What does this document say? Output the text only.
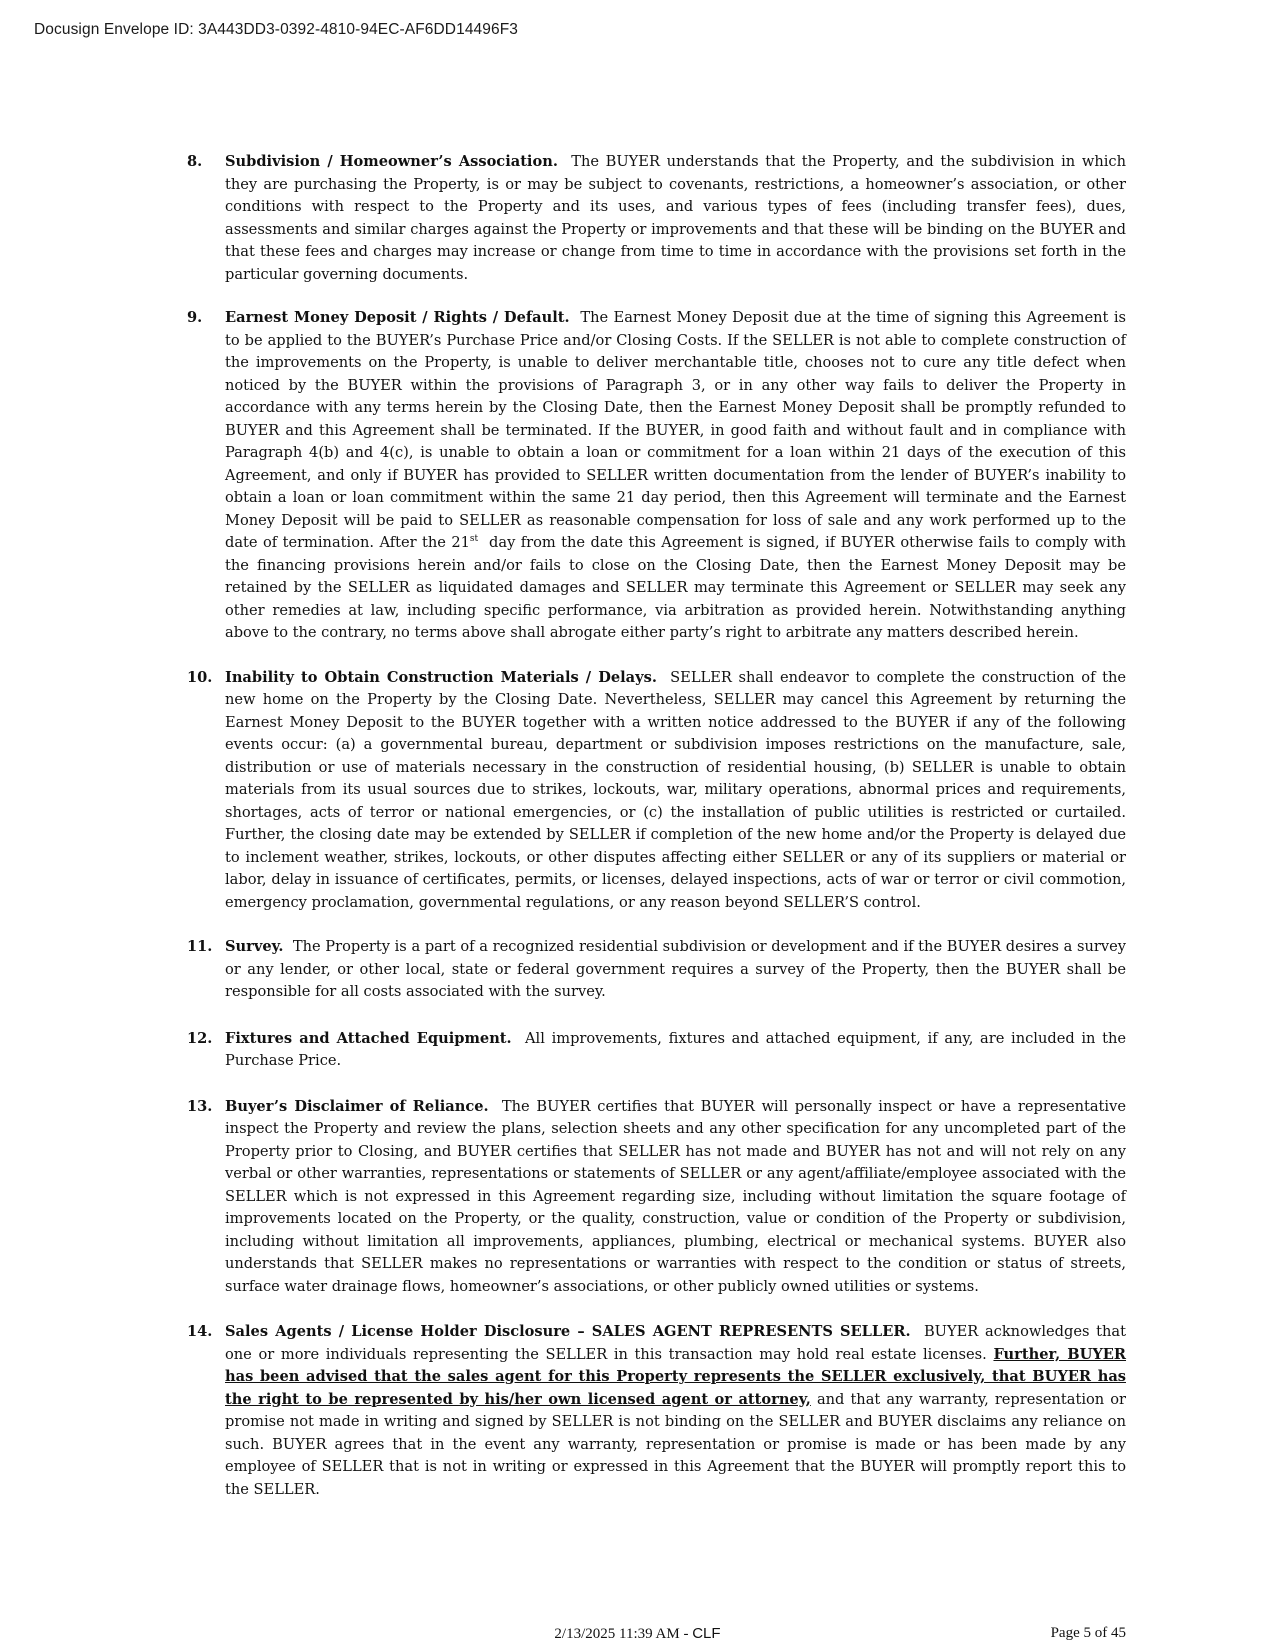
Docusign Envelope ID: 3A443DD3-0392-4810-94EC-AF6DD14496F3
8. Subdivision / Homeowner’s Association. The BUYER understands that the Property, and the subdivision in which they are purchasing the Property, is or may be subject to covenants, restrictions, a homeowner’s association, or other conditions with respect to the Property and its uses, and various types of fees (including transfer fees), dues, assessments and similar charges against the Property or improvements and that these will be binding on the BUYER and that these fees and charges may increase or change from time to time in accordance with the provisions set forth in the particular governing documents.
9. Earnest Money Deposit / Rights / Default. The Earnest Money Deposit due at the time of signing this Agreement is to be applied to the BUYER’s Purchase Price and/or Closing Costs. If the SELLER is not able to complete construction of the improvements on the Property, is unable to deliver merchantable title, chooses not to cure any title defect when noticed by the BUYER within the provisions of Paragraph 3, or in any other way fails to deliver the Property in accordance with any terms herein by the Closing Date, then the Earnest Money Deposit shall be promptly refunded to BUYER and this Agreement shall be terminated. If the BUYER, in good faith and without fault and in compliance with Paragraph 4(b) and 4(c), is unable to obtain a loan or commitment for a loan within 21 days of the execution of this Agreement, and only if BUYER has provided to SELLER written documentation from the lender of BUYER’s inability to obtain a loan or loan commitment within the same 21 day period, then this Agreement will terminate and the Earnest Money Deposit will be paid to SELLER as reasonable compensation for loss of sale and any work performed up to the date of termination. After the 21st day from the date this Agreement is signed, if BUYER otherwise fails to comply with the financing provisions herein and/or fails to close on the Closing Date, then the Earnest Money Deposit may be retained by the SELLER as liquidated damages and SELLER may terminate this Agreement or SELLER may seek any other remedies at law, including specific performance, via arbitration as provided herein. Notwithstanding anything above to the contrary, no terms above shall abrogate either party’s right to arbitrate any matters described herein.
10. Inability to Obtain Construction Materials / Delays. SELLER shall endeavor to complete the construction of the new home on the Property by the Closing Date. Nevertheless, SELLER may cancel this Agreement by returning the Earnest Money Deposit to the BUYER together with a written notice addressed to the BUYER if any of the following events occur: (a) a governmental bureau, department or subdivision imposes restrictions on the manufacture, sale, distribution or use of materials necessary in the construction of residential housing, (b) SELLER is unable to obtain materials from its usual sources due to strikes, lockouts, war, military operations, abnormal prices and requirements, shortages, acts of terror or national emergencies, or (c) the installation of public utilities is restricted or curtailed. Further, the closing date may be extended by SELLER if completion of the new home and/or the Property is delayed due to inclement weather, strikes, lockouts, or other disputes affecting either SELLER or any of its suppliers or material or labor, delay in issuance of certificates, permits, or licenses, delayed inspections, acts of war or terror or civil commotion, emergency proclamation, governmental regulations, or any reason beyond SELLER’S control.
11. Survey. The Property is a part of a recognized residential subdivision or development and if the BUYER desires a survey or any lender, or other local, state or federal government requires a survey of the Property, then the BUYER shall be responsible for all costs associated with the survey.
12. Fixtures and Attached Equipment. All improvements, fixtures and attached equipment, if any, are included in the Purchase Price.
13. Buyer’s Disclaimer of Reliance. The BUYER certifies that BUYER will personally inspect or have a representative inspect the Property and review the plans, selection sheets and any other specification for any uncompleted part of the Property prior to Closing, and BUYER certifies that SELLER has not made and BUYER has not and will not rely on any verbal or other warranties, representations or statements of SELLER or any agent/affiliate/employee associated with the SELLER which is not expressed in this Agreement regarding size, including without limitation the square footage of improvements located on the Property, or the quality, construction, value or condition of the Property or subdivision, including without limitation all improvements, appliances, plumbing, electrical or mechanical systems. BUYER also understands that SELLER makes no representations or warranties with respect to the condition or status of streets, surface water drainage flows, homeowner’s associations, or other publicly owned utilities or systems.
14. Sales Agents / License Holder Disclosure – SALES AGENT REPRESENTS SELLER. BUYER acknowledges that one or more individuals representing the SELLER in this transaction may hold real estate licenses. Further, BUYER has been advised that the sales agent for this Property represents the SELLER exclusively, that BUYER has the right to be represented by his/her own licensed agent or attorney, and that any warranty, representation or promise not made in writing and signed by SELLER is not binding on the SELLER and BUYER disclaims any reliance on such. BUYER agrees that in the event any warranty, representation or promise is made or has been made by any employee of SELLER that is not in writing or expressed in this Agreement that the BUYER will promptly report this to the SELLER.
2/13/2025 11:39 AM - CLF	Page 5 of 45
